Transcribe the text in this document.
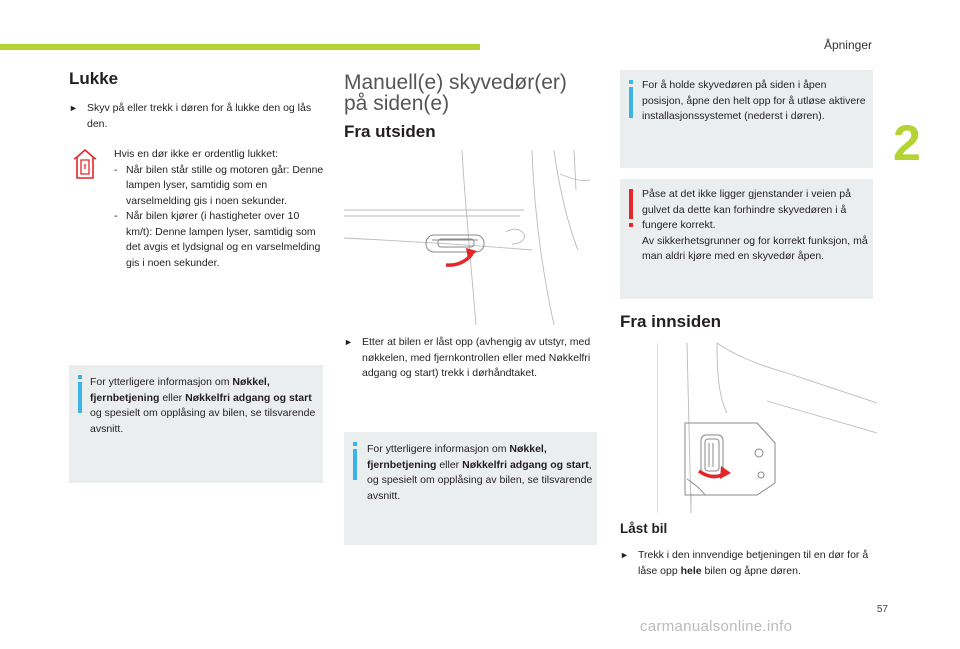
Åpninger
2
Lukke
► Skyv på eller trekk i døren for å lukke den og lås den.
Hvis en dør ikke er ordentlig lukket:
- Når bilen står stille og motoren går: Denne lampen lyser, samtidig som en varselmelding gis i noen sekunder.
- Når bilen kjører (i hastigheter over 10 km/t): Denne lampen lyser, samtidig som det avgis et lydsignal og en varselmelding gis i noen sekunder.
For ytterligere informasjon om Nøkkel, fjernbetjening eller Nøkkelfri adgang og start og spesielt om opplåsing av bilen, se tilsvarende avsnitt.
Manuell(e) skyvedør(er)
på siden(e)
Fra utsiden
► Etter at bilen er låst opp (avhengig av utstyr, med nøkkelen, med fjernkontrollen eller med Nøkkelfri adgang og start) trekk i dørhåndtaket.
For ytterligere informasjon om Nøkkel, fjernbetjening eller Nøkkelfri adgang og start, og spesielt om opplåsing av bilen, se tilsvarende avsnitt.
For å holde skyvedøren på siden i åpen posisjon, åpne den helt opp for å utløse aktivere installasjonssystemet (nederst i døren).
Påse at det ikke ligger gjenstander i veien på gulvet da dette kan forhindre skyvedøren i å fungere korrekt.
Av sikkerhetsgrunner og for korrekt funksjon, må man aldri kjøre med en skyvedør åpen.
Fra innsiden
Låst bil
► Trekk i den innvendige betjeningen til en dør for å låse opp hele bilen og åpne døren.
57
carmanualsonline.info
